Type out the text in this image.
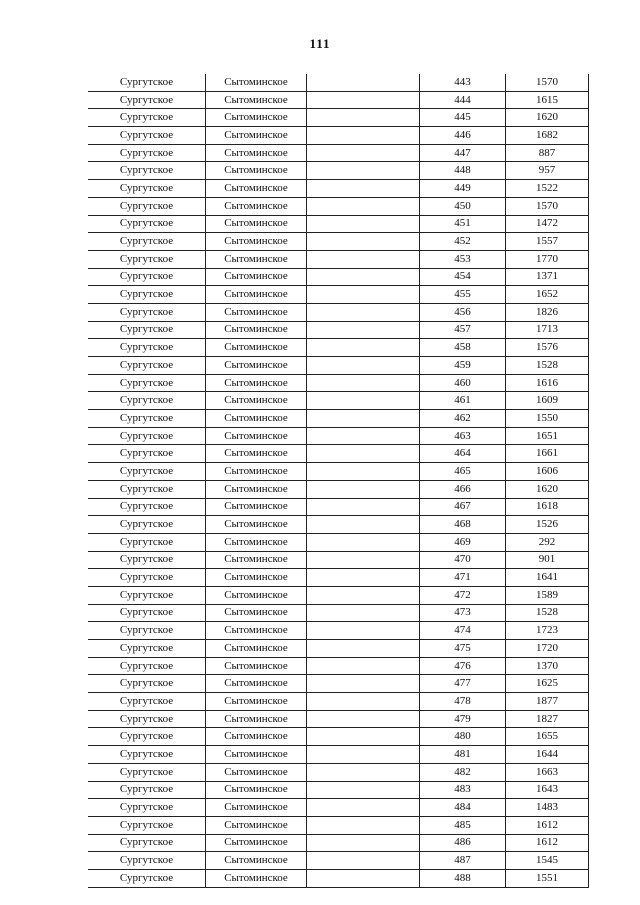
111
Сургутское	Сытоминское		443	1570
Сургутское	Сытоминское		444	1615
Сургутское	Сытоминское		445	1620
Сургутское	Сытоминское		446	1682
Сургутское	Сытоминское		447	887
Сургутское	Сытоминское		448	957
Сургутское	Сытоминское		449	1522
Сургутское	Сытоминское		450	1570
Сургутское	Сытоминское		451	1472
Сургутское	Сытоминское		452	1557
Сургутское	Сытоминское		453	1770
Сургутское	Сытоминское		454	1371
Сургутское	Сытоминское		455	1652
Сургутское	Сытоминское		456	1826
Сургутское	Сытоминское		457	1713
Сургутское	Сытоминское		458	1576
Сургутское	Сытоминское		459	1528
Сургутское	Сытоминское		460	1616
Сургутское	Сытоминское		461	1609
Сургутское	Сытоминское		462	1550
Сургутское	Сытоминское		463	1651
Сургутское	Сытоминское		464	1661
Сургутское	Сытоминское		465	1606
Сургутское	Сытоминское		466	1620
Сургутское	Сытоминское		467	1618
Сургутское	Сытоминское		468	1526
Сургутское	Сытоминское		469	292
Сургутское	Сытоминское		470	901
Сургутское	Сытоминское		471	1641
Сургутское	Сытоминское		472	1589
Сургутское	Сытоминское		473	1528
Сургутское	Сытоминское		474	1723
Сургутское	Сытоминское		475	1720
Сургутское	Сытоминское		476	1370
Сургутское	Сытоминское		477	1625
Сургутское	Сытоминское		478	1877
Сургутское	Сытоминское		479	1827
Сургутское	Сытоминское		480	1655
Сургутское	Сытоминское		481	1644
Сургутское	Сытоминское		482	1663
Сургутское	Сытоминское		483	1643
Сургутское	Сытоминское		484	1483
Сургутское	Сытоминское		485	1612
Сургутское	Сытоминское		486	1612
Сургутское	Сытоминское		487	1545
Сургутское	Сытоминское		488	1551
